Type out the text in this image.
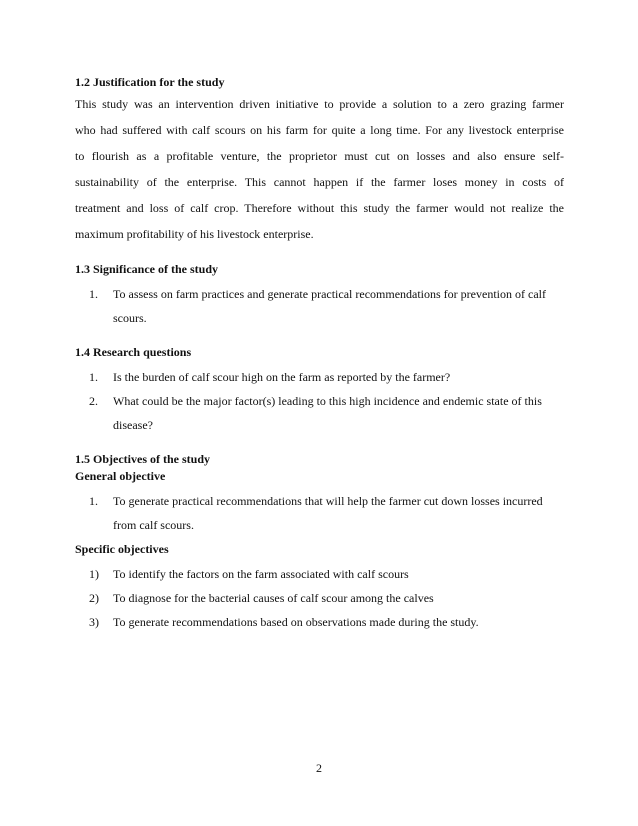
1.2 Justification for the study

This study was an intervention driven initiative to provide a solution to a zero grazing farmer
who had suffered with calf scours on his farm for quite a long time. For any livestock enterprise
to flourish as a profitable venture, the proprietor must cut on losses and also ensure self-
sustainability of the enterprise. This cannot happen if the farmer loses money in costs of
treatment and loss of calf crop. Therefore without this study the farmer would not realize the
maximum profitability of his livestock enterprise.

1.3 Significance of the study

1. To assess on farm practices and generate practical recommendations for prevention of calf scours.

1.4 Research questions

1. Is the burden of calf scour high on the farm as reported by the farmer?
2. What could be the major factor(s) leading to this high incidence and endemic state of this disease?

1.5 Objectives of the study

General objective

1. To generate practical recommendations that will help the farmer cut down losses incurred from calf scours.

Specific objectives

1) To identify the factors on the farm associated with calf scours
2) To diagnose for the bacterial causes of calf scour among the calves
3) To generate recommendations based on observations made during the study.
2
